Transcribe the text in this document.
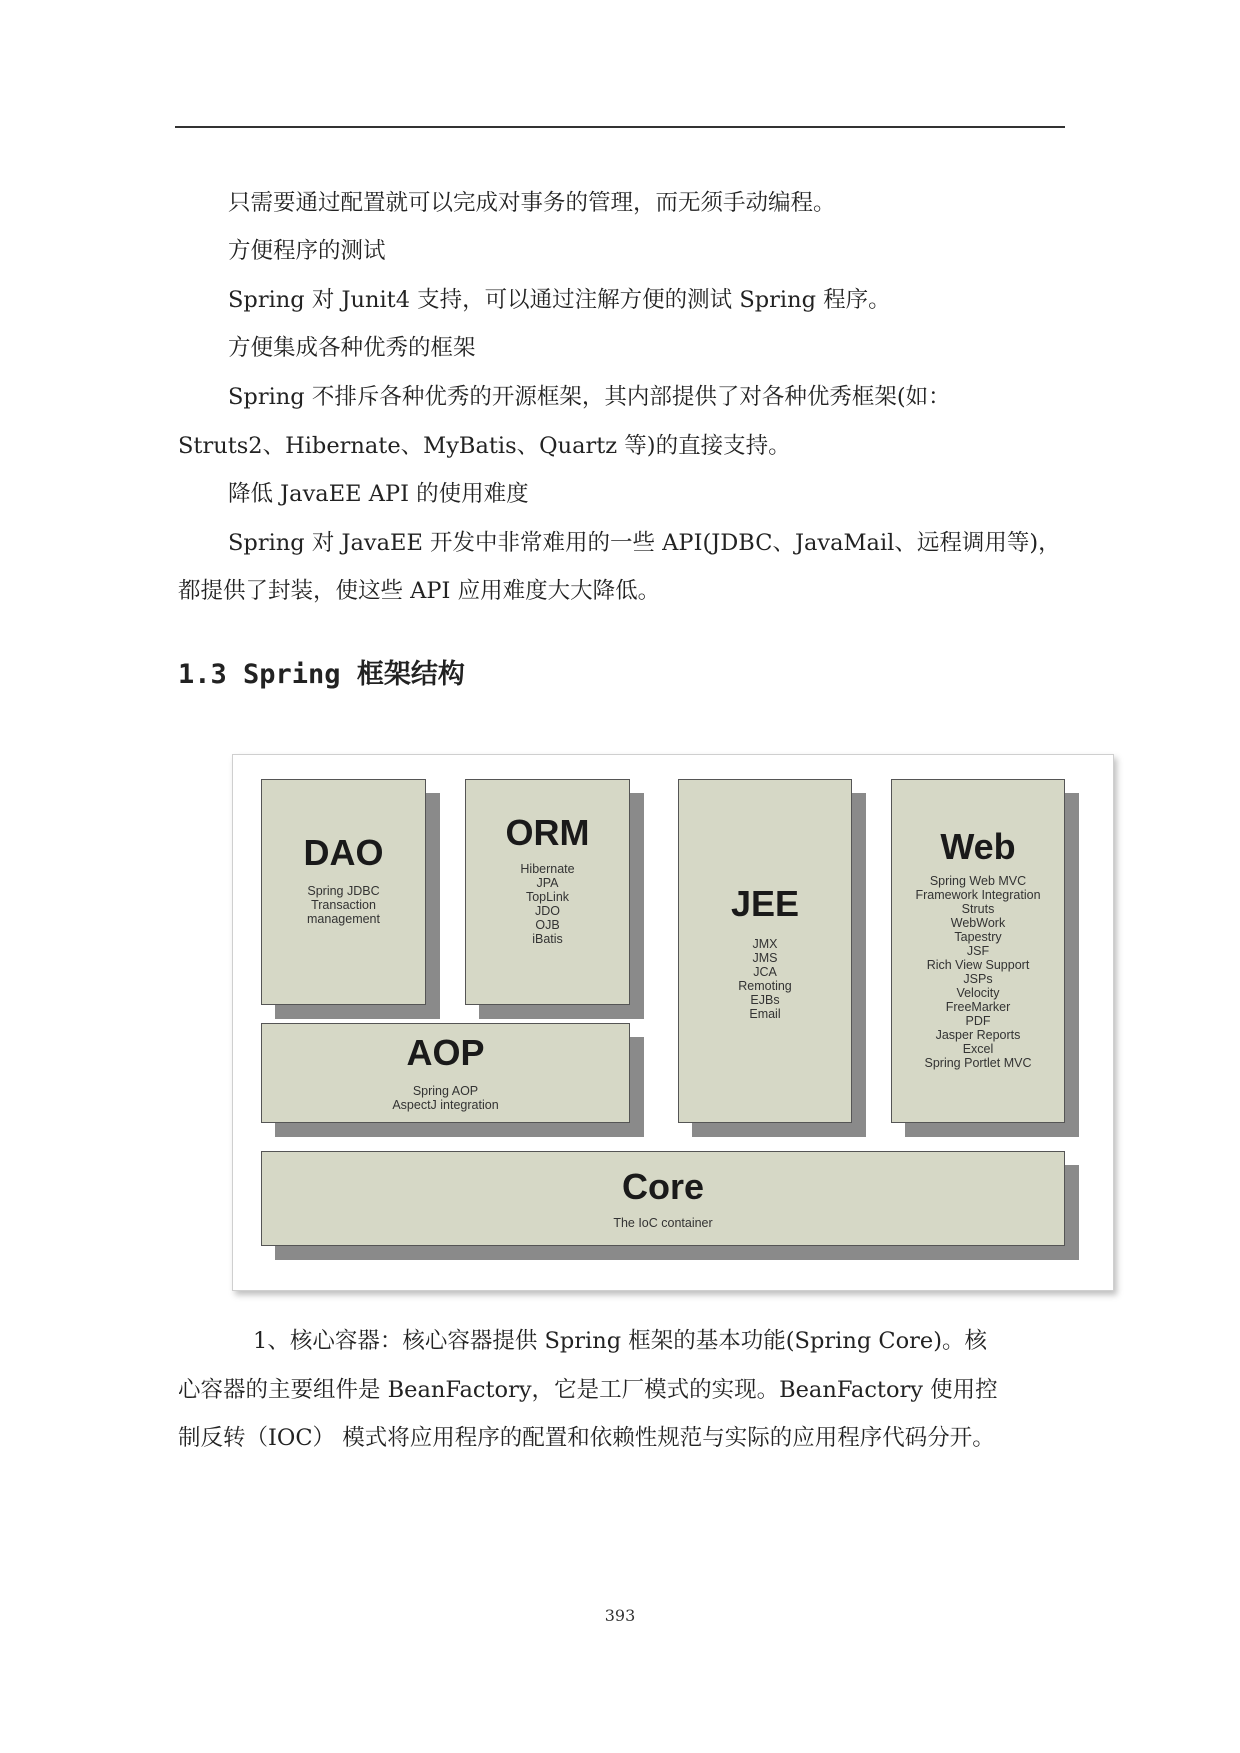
只需要通过配置就可以完成对事务的管理，而无须手动编程。
方便程序的测试
Spring 对 Junit4 支持，可以通过注解方便的测试 Spring 程序。
方便集成各种优秀的框架
Spring 不排斥各种优秀的开源框架，其内部提供了对各种优秀框架(如：
Struts2、Hibernate、MyBatis、Quartz 等)的直接支持。
降低 JavaEE API 的使用难度
Spring 对 JavaEE 开发中非常难用的一些 API(JDBC、JavaMail、远程调用等)，
都提供了封装，使这些 API 应用难度大大降低。
1.3 Spring 框架结构
DAO
Spring JDBC
Transaction
management
ORM
Hibernate
JPA
TopLink
JDO
OJB
iBatis
JEE
JMX
JMS
JCA
Remoting
EJBs
Email
Web
Spring Web MVC
Framework Integration
Struts
WebWork
Tapestry
JSF
Rich View Support
JSPs
Velocity
FreeMarker
PDF
Jasper Reports
Excel
Spring Portlet MVC
AOP
Spring AOP
AspectJ integration
Core
The IoC container
1、核心容器：核心容器提供 Spring 框架的基本功能(Spring Core)。核
心容器的主要组件是 BeanFactory，它是工厂模式的实现。BeanFactory 使用控
制反转（IOC） 模式将应用程序的配置和依赖性规范与实际的应用程序代码分开。
393
